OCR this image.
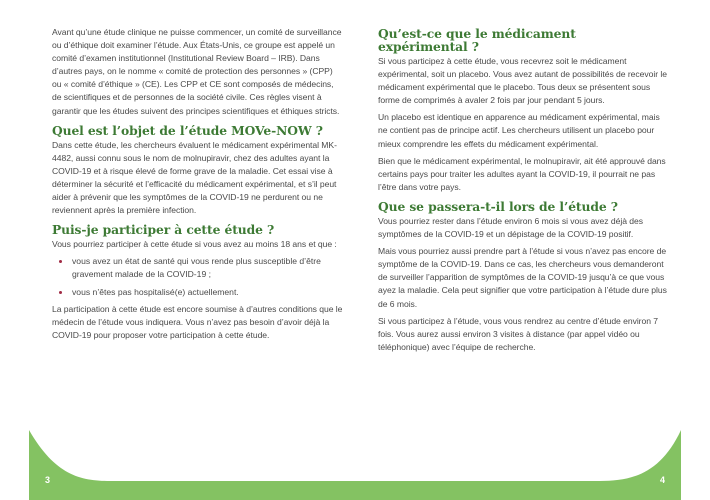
Avant qu’une étude clinique ne puisse commencer, un comité de surveillance ou d’éthique doit examiner l’étude. Aux États-Unis, ce groupe est appelé un comité d’examen institutionnel (Institutional Review Board – IRB). Dans d’autres pays, on le nomme « comité de protection des personnes » (CPP) ou « comité d’éthique » (CE). Les CPP et CE sont composés de médecins, de scientifiques et de personnes de la société civile. Ces règles visent à garantir que les études suivent des principes scientifiques et éthiques stricts.

Quel est l’objet de l’étude MOVe-NOW ?

Dans cette étude, les chercheurs évaluent le médicament expérimental MK-4482, aussi connu sous le nom de molnupiravir, chez des adultes ayant la COVID-19 et à risque élevé de forme grave de la maladie. Cet essai vise à déterminer la sécurité et l’efficacité du médicament expérimental, et s’il peut aider à prévenir que les symptômes de la COVID-19 ne perdurent ou ne reviennent après la première infection.

Puis-je participer à cette étude ?

Vous pourriez participer à cette étude si vous avez au moins 18 ans et que :

vous avez un état de santé qui vous rende plus susceptible d’être gravement malade de la COVID-19 ;
vous n’êtes pas hospitalisé(e) actuellement.

La participation à cette étude est encore soumise à d’autres conditions que le médecin de l’étude vous indiquera. Vous n’avez pas besoin d’avoir déjà la COVID-19 pour proposer votre participation à cette étude.

Qu’est-ce que le médicament expérimental ?

Si vous participez à cette étude, vous recevrez soit le médicament expérimental, soit un placebo. Vous avez autant de possibilités de recevoir le médicament expérimental que le placebo. Tous deux se présentent sous forme de comprimés à avaler 2 fois par jour pendant 5 jours.

Un placebo est identique en apparence au médicament expérimental, mais ne contient pas de principe actif. Les chercheurs utilisent un placebo pour mieux comprendre les effets du médicament expérimental.

Bien que le médicament expérimental, le molnupiravir, ait été approuvé dans certains pays pour traiter les adultes ayant la COVID-19, il pourrait ne pas l’être dans votre pays.

Que se passera-t-il lors de l’étude ?

Vous pourriez rester dans l’étude environ 6 mois si vous avez déjà des symptômes de la COVID-19 et un dépistage de la COVID-19 positif.

Mais vous pourriez aussi prendre part à l’étude si vous n’avez pas encore de symptôme de la COVID-19. Dans ce cas, les chercheurs vous demanderont de surveiller l’apparition de symptômes de la COVID-19 jusqu’à ce que vous ayez la maladie. Cela peut signifier que votre participation à l’étude dure plus de 6 mois.

Si vous participez à l’étude, vous vous rendrez au centre d’étude environ 7 fois. Vous aurez aussi environ 3 visites à distance (par appel vidéo ou téléphonique) avec l’équipe de recherche.

3	4
